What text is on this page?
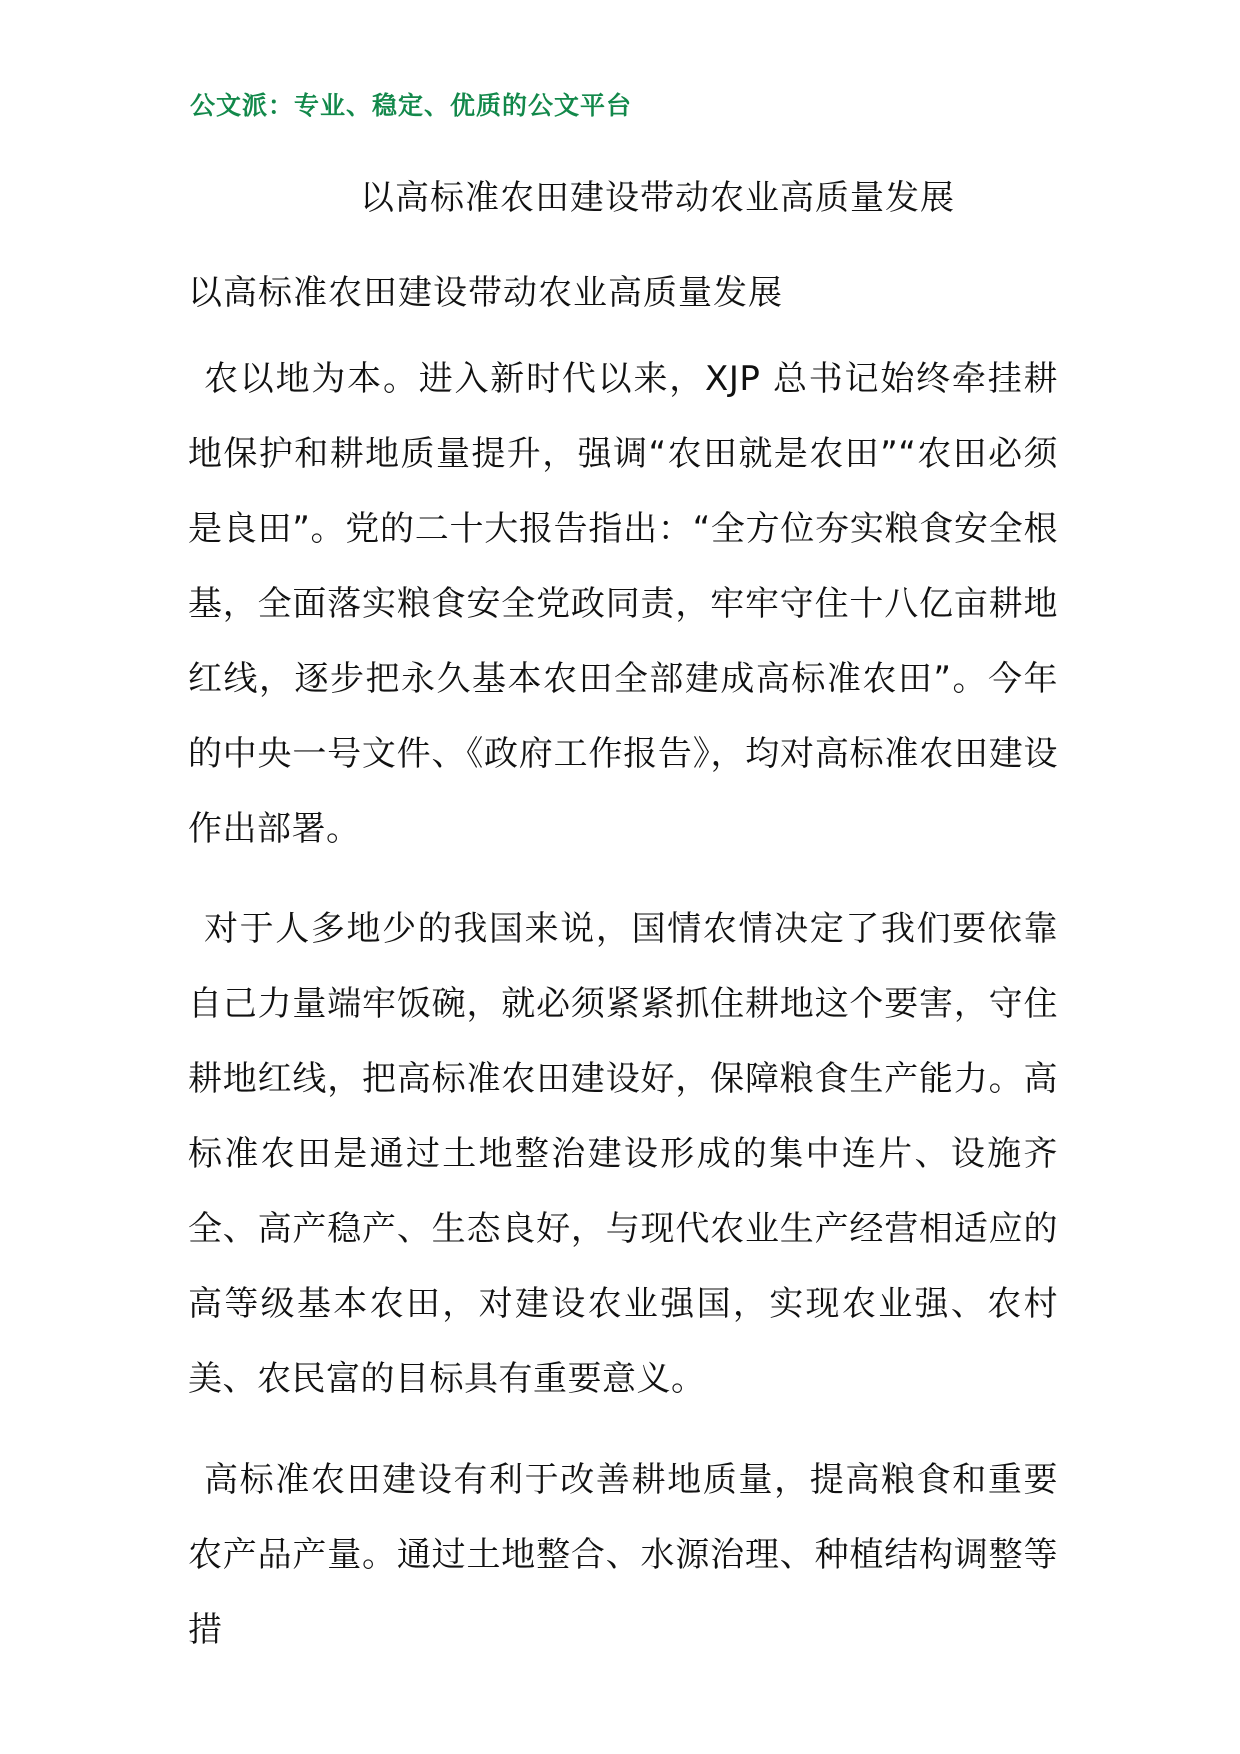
公文派：专业、稳定、优质的公文平台
以高标准农田建设带动农业高质量发展
以高标准农田建设带动农业高质量发展
农以地为本。进入新时代以来，XJP 总书记始终牵挂耕地保护和耕地质量提升，强调“农田就是农田”“农田必须是良田”。党的二十大报告指出：“全方位夯实粮食安全根基，全面落实粮食安全党政同责，牢牢守住十八亿亩耕地红线，逐步把永久基本农田全部建成高标准农田”。今年的中央一号文件、《政府工作报告》，均对高标准农田建设作出部署。
对于人多地少的我国来说，国情农情决定了我们要依靠自己力量端牢饭碗，就必须紧紧抓住耕地这个要害，守住耕地红线，把高标准农田建设好，保障粮食生产能力。高标准农田是通过土地整治建设形成的集中连片、设施齐全、高产稳产、生态良好，与现代农业生产经营相适应的高等级基本农田，对建设农业强国，实现农业强、农村美、农民富的目标具有重要意义。
高标准农田建设有利于改善耕地质量，提高粮食和重要农产品产量。通过土地整合、水源治理、种植结构调整等措
